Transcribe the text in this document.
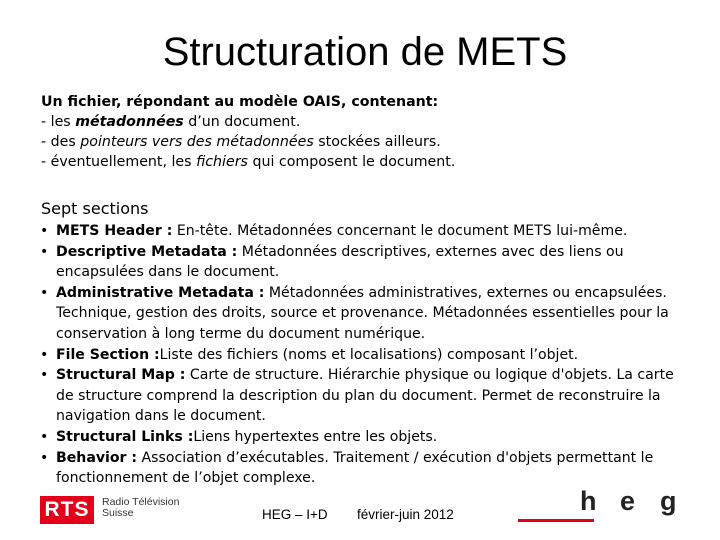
Structuration de METS
Un fichier, répondant au modèle OAIS, contenant:
- les métadonnées d’un document.
- des pointeurs vers des métadonnées stockées ailleurs.
- éventuellement, les fichiers qui composent le document.
Sept sections
• METS Header : En-tête. Métadonnées concernant le document METS lui-même.
• Descriptive Metadata : Métadonnées descriptives, externes avec des liens ou encapsulées dans le document.
• Administrative Metadata : Métadonnées administratives, externes ou encapsulées. Technique, gestion des droits, source et provenance. Métadonnées essentielles pour la conservation à long terme du document numérique.
• File Section :Liste des fichiers (noms et localisations) composant l’objet.
• Structural Map : Carte de structure. Hiérarchie physique ou logique d'objets. La carte de structure comprend la description du plan du document. Permet de reconstruire la navigation dans le document.
• Structural Links :Liens hypertextes entre les objets.
• Behavior : Association d’exécutables. Traitement / exécution d'objets permettant le fonctionnement de l’objet complexe.
RTS	Radio Télévision
Suisse	HEG – I+D février-juin 2012	h e g
